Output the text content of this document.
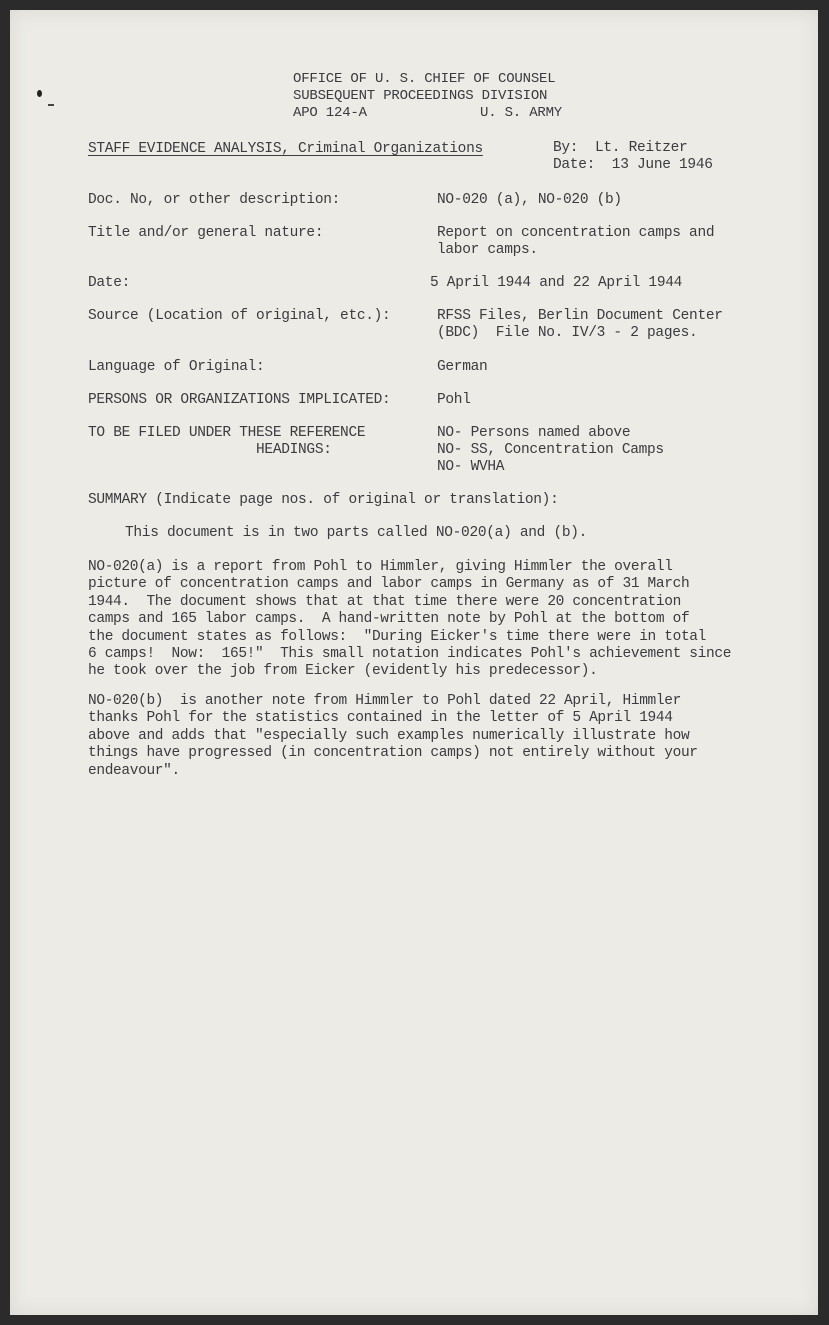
OFFICE OF U. S. CHIEF OF COUNSEL
SUBSEQUENT PROCEEDINGS DIVISION
APO 124-A	U. S. ARMY
STAFF EVIDENCE ANALYSIS, Criminal Organizations	By:  Lt. Reitzer
Date:  13 June 1946
Doc. No, or other description:	NO-020 (a), NO-020 (b)
Title and/or general nature:	Report on concentration camps and
labor camps.
Date:	5 April 1944 and 22 April 1944
Source (Location of original, etc.):	RFSS Files, Berlin Document Center
(BDC)  File No. IV/3 - 2 pages.
Language of Original:	German
PERSONS OR ORGANIZATIONS IMPLICATED:	Pohl
TO BE FILED UNDER THESE REFERENCE
HEADINGS:
NO- Persons named above
NO- SS, Concentration Camps
NO- WVHA
SUMMARY (Indicate page nos. of original or translation):
This document is in two parts called NO-020(a) and (b).
NO-020(a) is a report from Pohl to Himmler, giving Himmler the overall
picture of concentration camps and labor camps in Germany as of 31 March
1944.  The document shows that at that time there were 20 concentration
camps and 165 labor camps.  A hand-written note by Pohl at the bottom of
the document states as follows:  "During Eicker's time there were in total
6 camps!  Now:  165!"  This small notation indicates Pohl's achievement since
he took over the job from Eicker (evidently his predecessor).
NO-020(b)  is another note from Himmler to Pohl dated 22 April, Himmler
thanks Pohl for the statistics contained in the letter of 5 April 1944
above and adds that "especially such examples numerically illustrate how
things have progressed (in concentration camps) not entirely without your
endeavour".
